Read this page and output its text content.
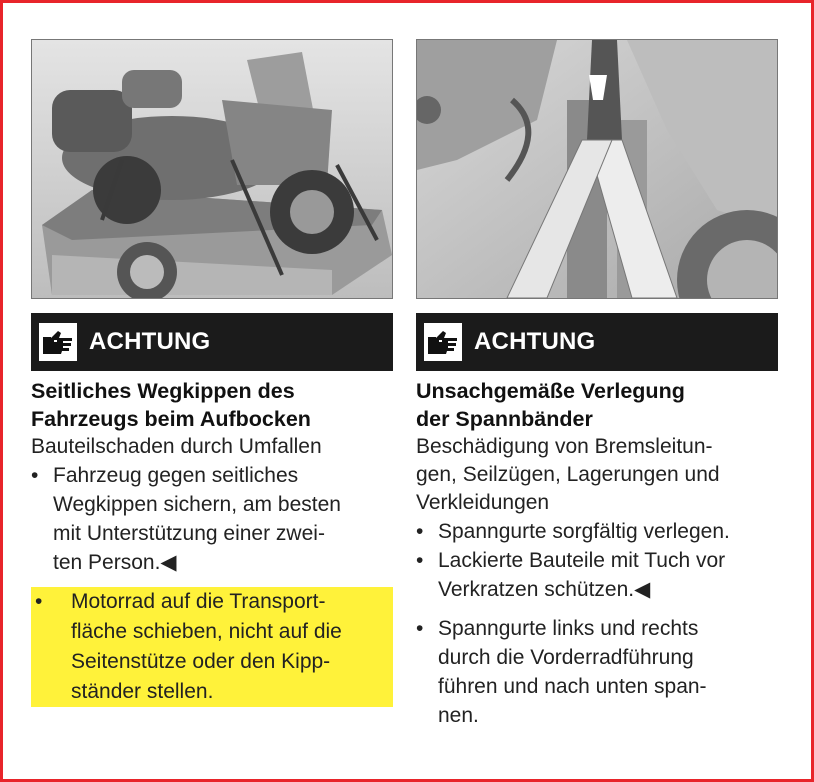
ACHTUNG
Seitliches Wegkippen des
Fahrzeugs beim Aufbocken
Bauteilschaden durch Umfallen
• Fahrzeug gegen seitliches
Wegkippen sichern, am besten
mit Unterstützung einer zwei-
ten Person.◀
•	Motorrad auf die Transport-
fläche schieben, nicht auf die
Seitenstütze oder den Kipp-
ständer stellen.
ACHTUNG
Unsachgemäße Verlegung
der Spannbänder
Beschädigung von Bremsleitun-
gen, Seilzügen, Lagerungen und
Verkleidungen
• Spanngurte sorgfältig verlegen.
• Lackierte Bauteile mit Tuch vor
Verkratzen schützen.◀
• Spanngurte links und rechts
durch die Vorderradführung
führen und nach unten span-
nen.
